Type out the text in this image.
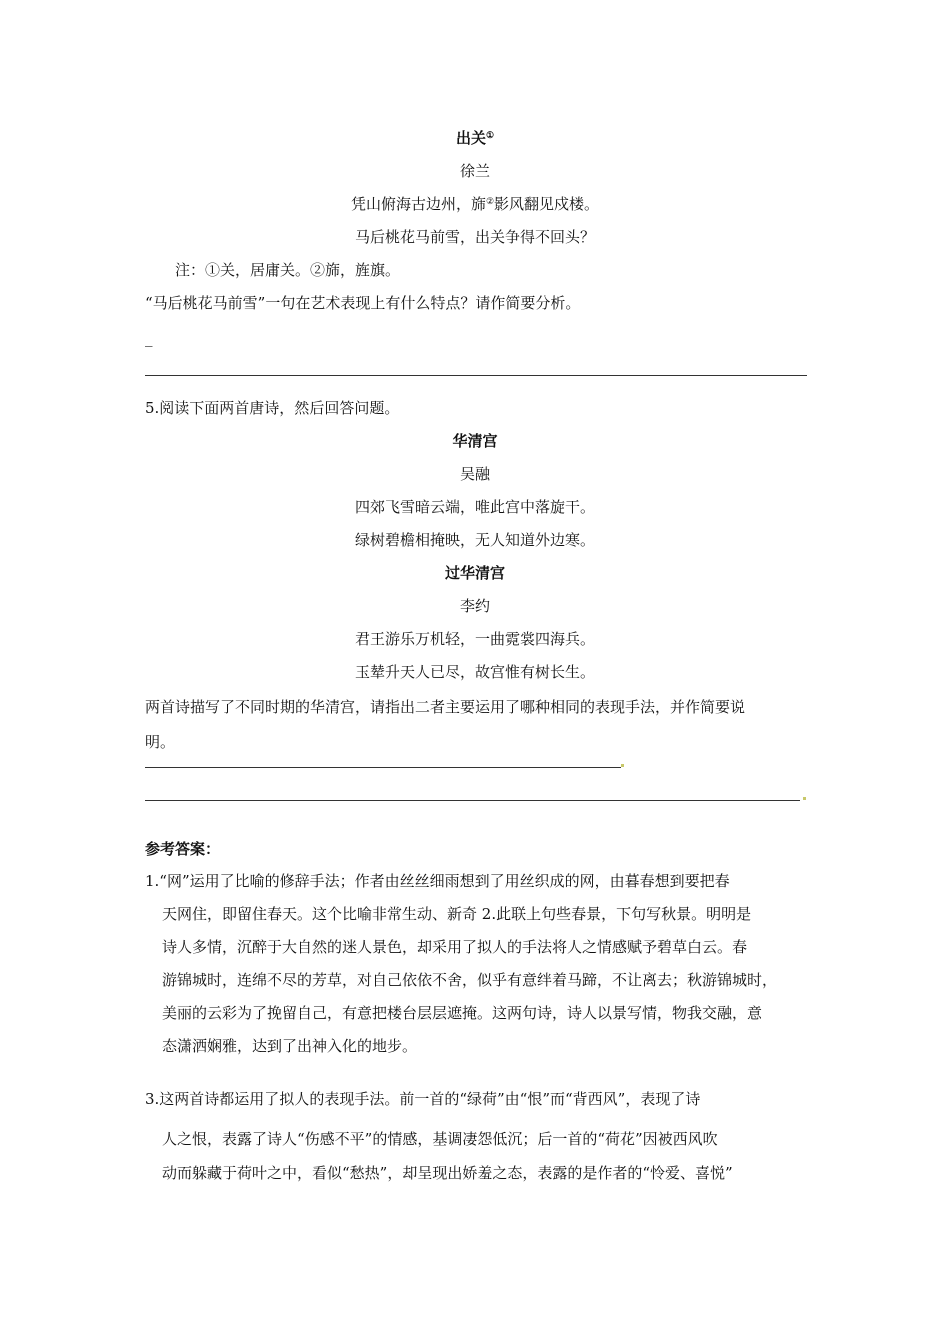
出关①
徐兰
凭山俯海古边州，旆②影风翻见戍楼。
马后桃花马前雪，出关争得不回头？
注：①关，居庸关。②旆，旌旗。
“马后桃花马前雪”一句在艺术表现上有什么特点？请作简要分析。
_
5.阅读下面两首唐诗，然后回答问题。
华清宫
吴融
四郊飞雪暗云端，唯此宫中落旋干。
绿树碧檐相掩映，无人知道外边寒。
过华清宫
李约
君王游乐万机轻，一曲霓裳四海兵。
玉辇升天人已尽，故宫惟有树长生。
两首诗描写了不同时期的华清宫，请指出二者主要运用了哪种相同的表现手法，并作简要说
明。
参考答案：
1.“网”运用了比喻的修辞手法；作者由丝丝细雨想到了用丝织成的网，由暮春想到要把春
天网住，即留住春天。这个比喻非常生动、新奇 2.此联上句些春景，下句写秋景。明明是
诗人多情，沉醉于大自然的迷人景色，却采用了拟人的手法将人之情感赋予碧草白云。春
游锦城时，连绵不尽的芳草，对自己依依不舍，似乎有意绊着马蹄，不让离去；秋游锦城时，
美丽的云彩为了挽留自己，有意把楼台层层遮掩。这两句诗，诗人以景写情，物我交融，意
态潇洒娴雅，达到了出神入化的地步。
3.这两首诗都运用了拟人的表现手法。前一首的“绿荷”由“恨”而“背西风”，表现了诗
人之恨，表露了诗人“伤感不平”的情感，基调凄怨低沉；后一首的“荷花”因被西风吹
动而躲藏于荷叶之中，看似“愁热”，却呈现出娇羞之态，表露的是作者的“怜爱、喜悦”
